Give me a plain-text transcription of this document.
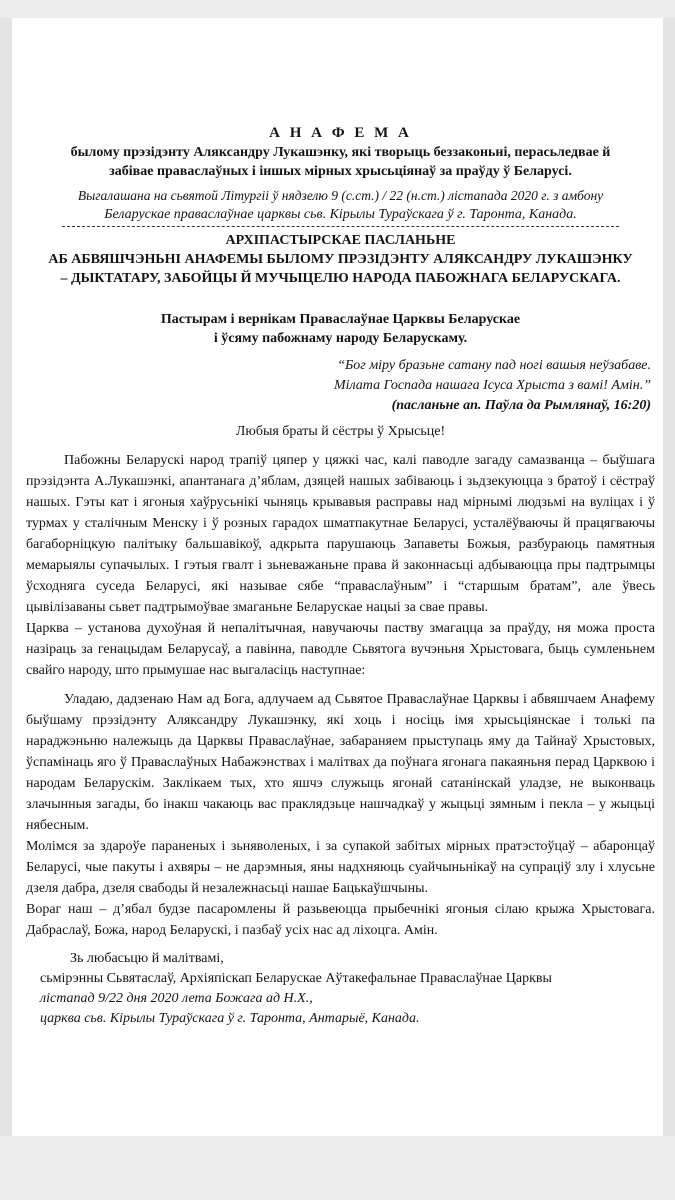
А Н А Ф Е М А

былому прэзідэнту Аляксандру Лукашэнку, які творыць беззаконьні, перасьледвае й

забівае праваслаўных і іншых мірных хрысьціянаў за праўду ў Беларусі.

Выгалашана на сьвятой Літургіі ў нядзелю 9 (с.ст.) / 22 (н.ст.) лістапада 2020 г. з амбону

Беларускае праваслаўнае царквы сьв. Кірылы Тураўскага ў г. Таронта, Канада.

АРХІПАСТЫРСКАЕ ПАСЛАНЬНЕ

АБ АБВЯШЧЭНЬНІ АНАФЕМЫ БЫЛОМУ ПРЭЗІДЭНТУ АЛЯКСАНДРУ ЛУКАШЭНКУ

– ДЫКТАТАРУ, ЗАБОЙЦЫ Й МУЧЫЦЕЛЮ НАРОДА ПАБОЖНАГА БЕЛАРУСКАГА.

Пастырам і вернікам Праваслаўнае Царквы Беларускае

і ўсяму пабожнаму народу Беларускаму.

“Бог міру бразьне сатану пад ногі вашыя неўзабаве.

Мілата Госпада нашага Ісуса Хрыста з вамі! Амін.”

(пасланьне ап. Паўла да Рымлянаў, 16:20)

Любыя браты й сёстры ў Хрысьце!

Пабожны Беларускі народ трапіў цяпер у цяжкі час, калі паводле загаду самазванца – быўшага прэзідэнта А.Лукашэнкі, апантанага д’яблам, дзяцей нашых забіваюць і зьдзекуюцца з братоў і сёстраў нашых. Гэты кат і ягоныя хаўрусьнікі чыняць крывавыя расправы над мірнымі людзьмі на вуліцах і ў турмах у сталічным Менску і ў розных гарадох шматпакутнае Беларусі, усталёўваючы й працягваючы багаборніцкую палітыку бальшавікоў, адкрыта парушаюць Запаветы Божыя, разбураюць памятныя мемарыялы супачылых. І гэтыя гвалт і зьневажаньне права й законнасьці адбываюцца пры падтрымцы ўсходняга суседа Беларусі, які называе сябе “праваслаўным” і “старшым братам”, але ўвесь цывілізаваны сьвет падтрымоўвае змаганьне Беларускае нацыі за свае правы.

Царква – установа духоўная й непалітычная, навучаючы паству змагацца за праўду, ня можа проста назіраць за генацыдам Беларусаў, а павінна, паводле Сьвятога вучэньня Хрыстовага, быць сумленьнем свайго народу, што прымушае нас выгаласіць наступнае:

Уладаю, дадзенаю Нам ад Бога, адлучаем ад Сьвятое Праваслаўнае Царквы і абвяшчаем Анафему быўшаму прэзідэнту Аляксандру Лукашэнку, які хоць і носіць імя хрысьціянскае і толькі па нараджэньню належыць да Царквы Праваслаўнае, забараняем прыступаць яму да Тайнаў Хрыстовых, ўспамінаць яго ў Праваслаўных Набажэнствах і малітвах да поўнага ягонага пакаяньня перад Царквою і народам Беларускім. Заклікаем тых, хто яшчэ служыць ягонай сатанінскай уладзе, не выконваць злачынныя загады, бо інакш чакаюць вас праклядзьце нашчадкаў у жыцьці зямным і пекла – у жыцьці нябесным.

Молімся за здароўе параненых і зьняволеных, і за супакой забітых мірных пратэстоўцаў – абаронцаў Беларусі, чые пакуты і ахвяры – не дарэмныя, яны надхняюць суайчыньнікаў на супраціў злу і хлусьне дзеля дабра, дзеля свабоды й незалежнасьці нашае Бацькаўшчыны.

Вораг наш – д’ябал будзе пасаромлены й разьвеюцца прыбечнікі ягоныя сілаю крыжа Хрыстовага. Дабраслаў, Божа, народ Беларускі, і пазбаў усіх нас ад ліхоцга. Амін.

Зь любасьцю й малітвамі,

сьмірэнны Сьвятаслаў, Архіяпіскап Беларускае Аўтакефальнае Праваслаўнае Царквы

лістапад 9/22 дня 2020 лета Божага ад Н.Х.,

царква сьв. Кірылы Тураўскага ў г. Таронта, Антарыё, Канада.
